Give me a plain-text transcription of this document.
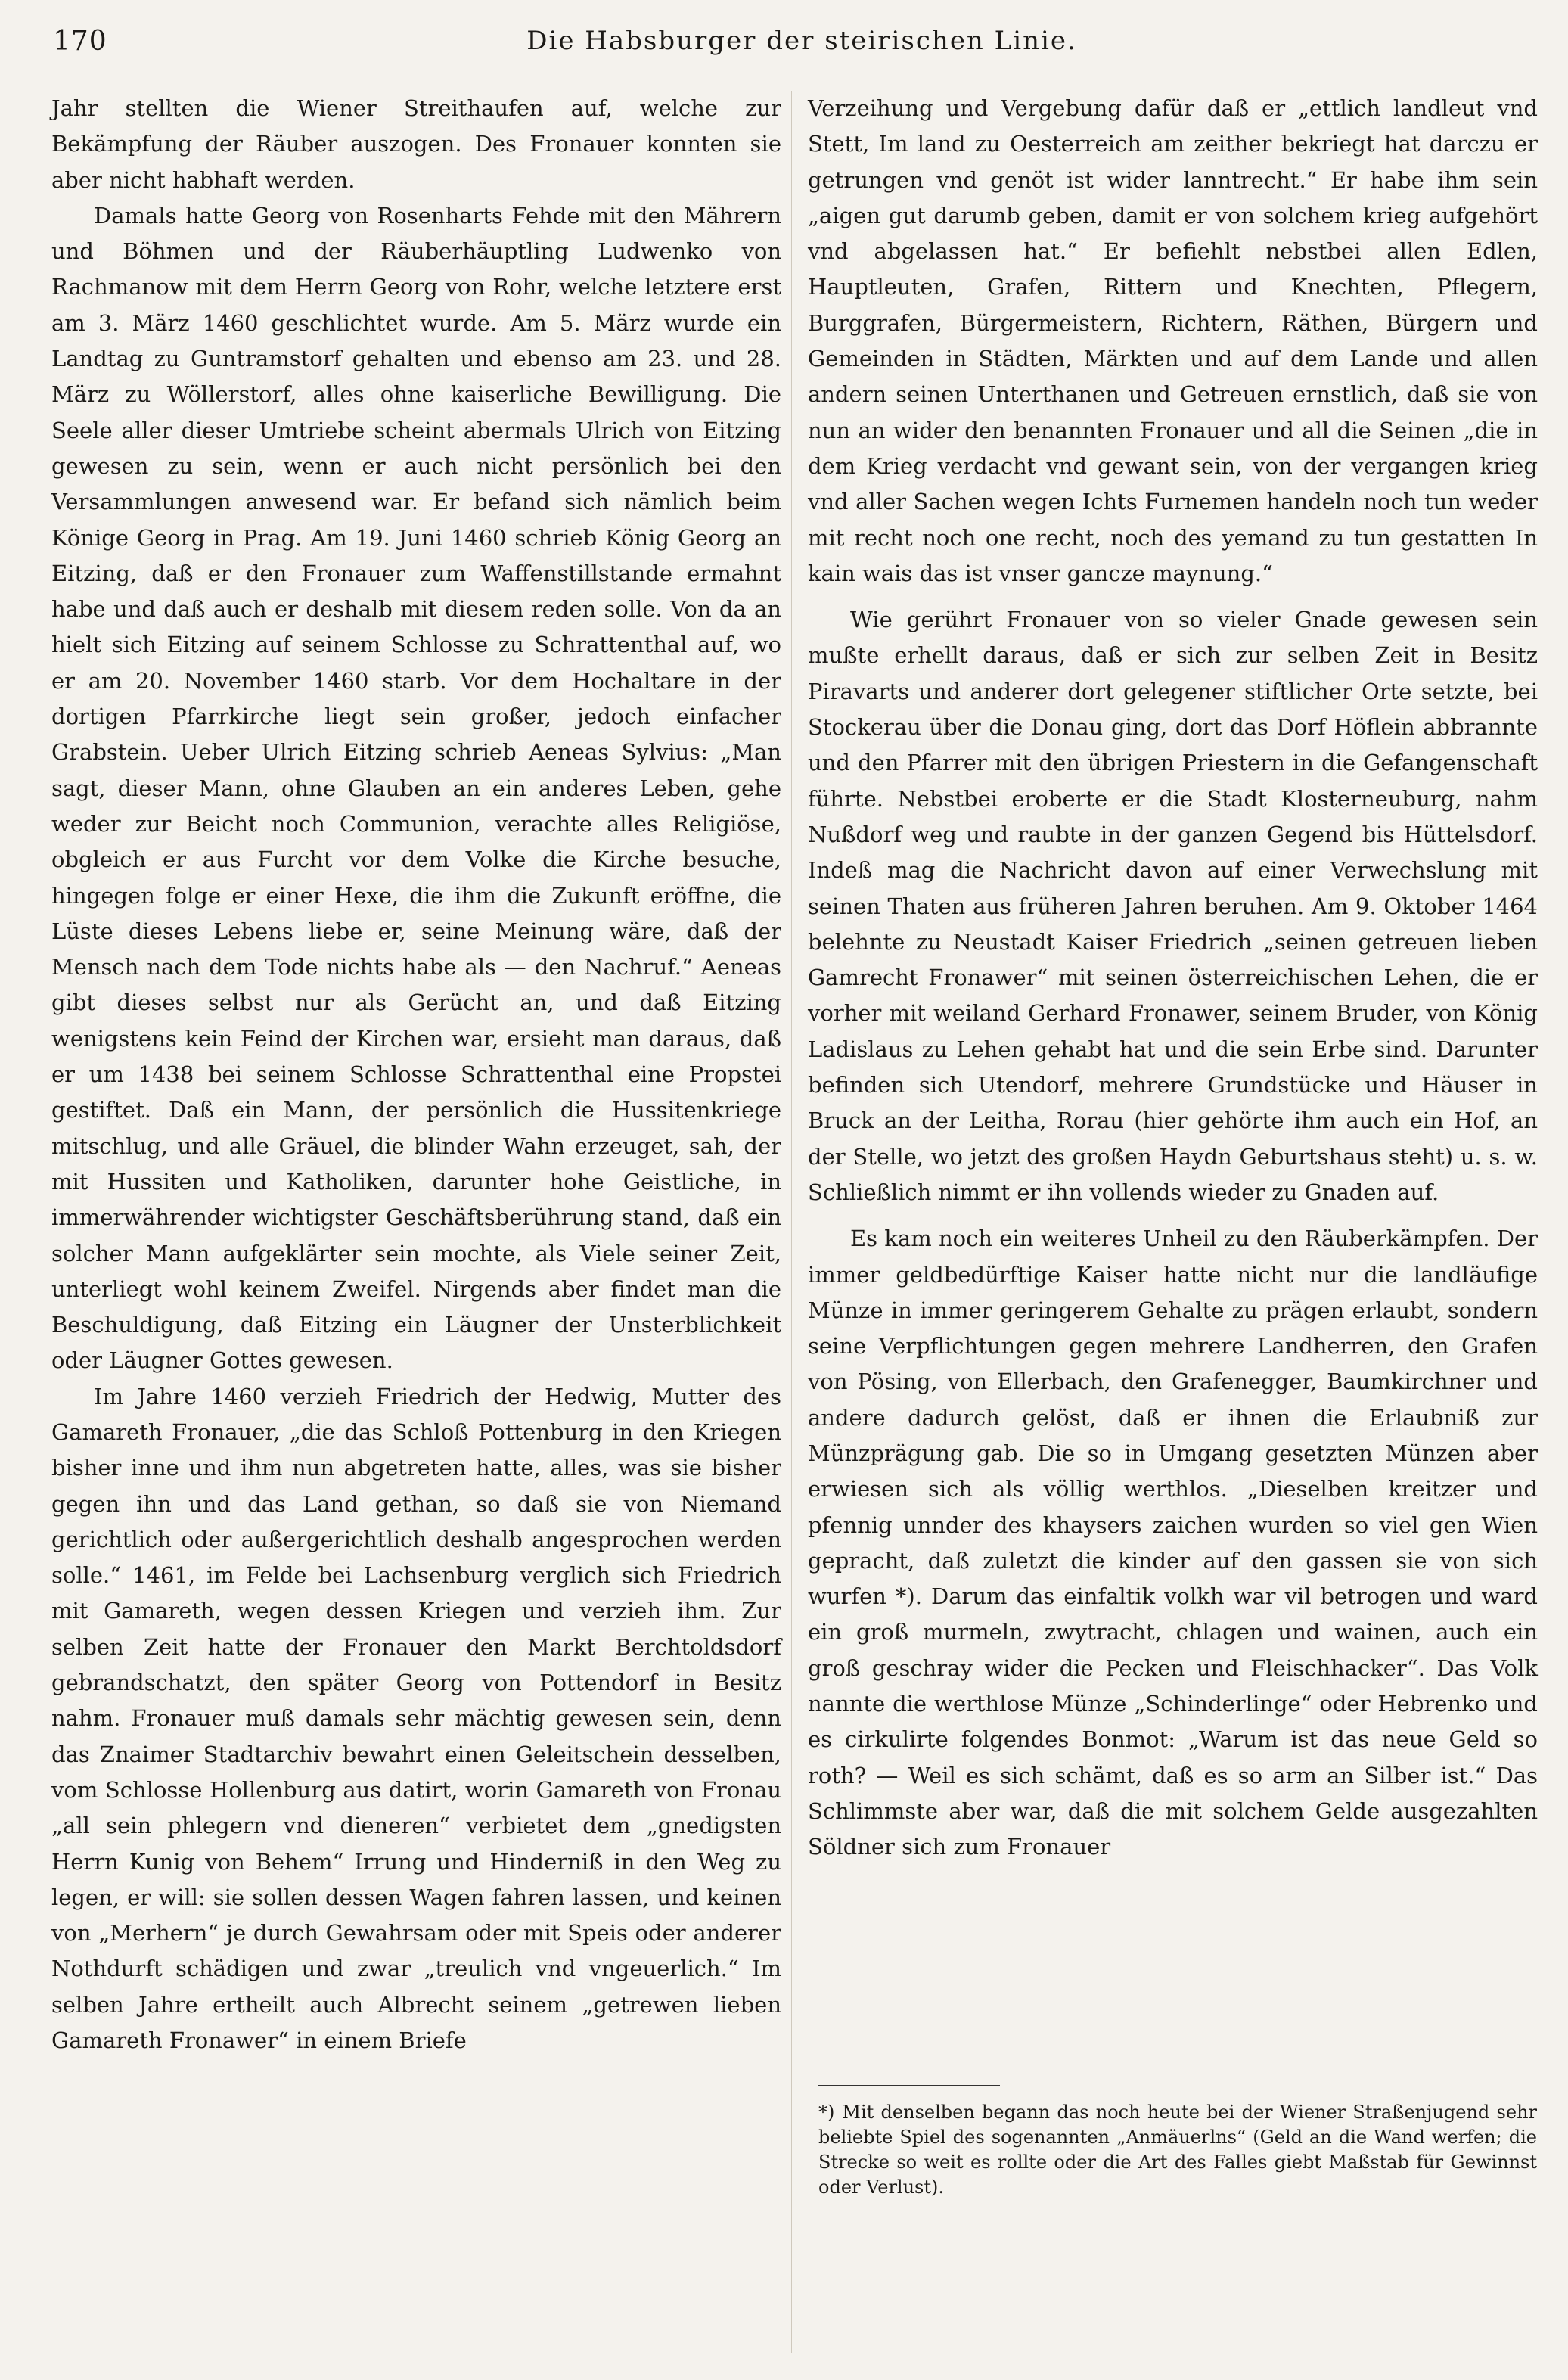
170	Die Habsburger der steirischen Linie.

Jahr stellten die Wiener Streithaufen auf, welche zur Bekämpfung der Räuber auszogen. Des Fronauer konnten sie aber nicht habhaft werden.

Damals hatte Georg von Rosenharts Fehde mit den Mährern und Böhmen und der Räuberhäuptling Ludwenko von Rachmanow mit dem Herrn Georg von Rohr, welche letztere erst am 3. März 1460 geschlichtet wurde. Am 5. März wurde ein Landtag zu Guntramstorf gehalten und ebenso am 23. und 28. März zu Wöllerstorf, alles ohne kaiserliche Bewilligung. Die Seele aller dieser Umtriebe scheint abermals Ulrich von Eitzing gewesen zu sein, wenn er auch nicht persönlich bei den Versammlungen anwesend war. Er befand sich nämlich beim Könige Georg in Prag. Am 19. Juni 1460 schrieb König Georg an Eitzing, daß er den Fronauer zum Waffenstillstande ermahnt habe und daß auch er deshalb mit diesem reden solle. Von da an hielt sich Eitzing auf seinem Schlosse zu Schrattenthal auf, wo er am 20. November 1460 starb. Vor dem Hochaltare in der dortigen Pfarrkirche liegt sein großer, jedoch einfacher Grabstein. Ueber Ulrich Eitzing schrieb Aeneas Sylvius: „Man sagt, dieser Mann, ohne Glauben an ein anderes Leben, gehe weder zur Beicht noch Communion, verachte alles Religiöse, obgleich er aus Furcht vor dem Volke die Kirche besuche, hingegen folge er einer Hexe, die ihm die Zukunft eröffne, die Lüste dieses Lebens liebe er, seine Meinung wäre, daß der Mensch nach dem Tode nichts habe als — den Nachruf.“ Aeneas gibt dieses selbst nur als Gerücht an, und daß Eitzing wenigstens kein Feind der Kirchen war, ersieht man daraus, daß er um 1438 bei seinem Schlosse Schrattenthal eine Propstei gestiftet. Daß ein Mann, der persönlich die Hussitenkriege mitschlug, und alle Gräuel, die blinder Wahn erzeuget, sah, der mit Hussiten und Katholiken, darunter hohe Geistliche, in immerwährender wichtigster Geschäftsberührung stand, daß ein solcher Mann aufgeklärter sein mochte, als Viele seiner Zeit, unterliegt wohl keinem Zweifel. Nirgends aber findet man die Beschuldigung, daß Eitzing ein Läugner der Unsterblichkeit oder Läugner Gottes gewesen.

Im Jahre 1460 verzieh Friedrich der Hedwig, Mutter des Gamareth Fronauer, „die das Schloß Pottenburg in den Kriegen bisher inne und ihm nun abgetreten hatte, alles, was sie bisher gegen ihn und das Land gethan, so daß sie von Niemand gerichtlich oder außergerichtlich deshalb angesprochen werden solle.“ 1461, im Felde bei Lachsenburg verglich sich Friedrich mit Gamareth, wegen dessen Kriegen und verzieh ihm. Zur selben Zeit hatte der Fronauer den Markt Berchtoldsdorf gebrandschatzt, den später Georg von Pottendorf in Besitz nahm. Fronauer muß damals sehr mächtig gewesen sein, denn das Znaimer Stadtarchiv bewahrt einen Geleitschein desselben, vom Schlosse Hollenburg aus datirt, worin Gamareth von Fronau „all sein phlegern vnd dieneren“ verbietet dem „gnedigsten Herrn Kunig von Behem“ Irrung und Hinderniß in den Weg zu legen, er will: sie sollen dessen Wagen fahren lassen, und keinen von „Merhern“ je durch Gewahrsam oder mit Speis oder anderer Nothdurft schädigen und zwar „treulich vnd vngeuerlich.“ Im selben Jahre ertheilt auch Albrecht seinem „getrewen lieben Gamareth Fronawer“ in einem Briefe

Verzeihung und Vergebung dafür daß er „ettlich landleut vnd Stett, Im land zu Oesterreich am zeither bekriegt hat darczu er getrungen vnd genöt ist wider lanntrecht.“ Er habe ihm sein „aigen gut darumb geben, damit er von solchem krieg aufgehört vnd abgelassen hat.“ Er befiehlt nebstbei allen Edlen, Hauptleuten, Grafen, Rittern und Knechten, Pflegern, Burggrafen, Bürgermeistern, Richtern, Räthen, Bürgern und Gemeinden in Städten, Märkten und auf dem Lande und allen andern seinen Unterthanen und Getreuen ernstlich, daß sie von nun an wider den benannten Fronauer und all die Seinen „die in dem Krieg verdacht vnd gewant sein, von der vergangen krieg vnd aller Sachen wegen Ichts Furnemen handeln noch tun weder mit recht noch one recht, noch des yemand zu tun gestatten In kain wais das ist vnser gancze maynung.“

Wie gerührt Fronauer von so vieler Gnade gewesen sein mußte erhellt daraus, daß er sich zur selben Zeit in Besitz Piravarts und anderer dort gelegener stiftlicher Orte setzte, bei Stockerau über die Donau ging, dort das Dorf Höflein abbrannte und den Pfarrer mit den übrigen Priestern in die Gefangenschaft führte. Nebstbei eroberte er die Stadt Klosterneuburg, nahm Nußdorf weg und raubte in der ganzen Gegend bis Hüttelsdorf. Indeß mag die Nachricht davon auf einer Verwechslung mit seinen Thaten aus früheren Jahren beruhen. Am 9. Oktober 1464 belehnte zu Neustadt Kaiser Friedrich „seinen getreuen lieben Gamrecht Fronawer“ mit seinen österreichischen Lehen, die er vorher mit weiland Gerhard Fronawer, seinem Bruder, von König Ladislaus zu Lehen gehabt hat und die sein Erbe sind. Darunter befinden sich Utendorf, mehrere Grundstücke und Häuser in Bruck an der Leitha, Rorau (hier gehörte ihm auch ein Hof, an der Stelle, wo jetzt des großen Haydn Geburtshaus steht) u. s. w. Schließlich nimmt er ihn vollends wieder zu Gnaden auf.

Es kam noch ein weiteres Unheil zu den Räuberkämpfen. Der immer geldbedürftige Kaiser hatte nicht nur die landläufige Münze in immer geringerem Gehalte zu prägen erlaubt, sondern seine Verpflichtungen gegen mehrere Landherren, den Grafen von Pösing, von Ellerbach, den Grafenegger, Baumkirchner und andere dadurch gelöst, daß er ihnen die Erlaubniß zur Münzprägung gab. Die so in Umgang gesetzten Münzen aber erwiesen sich als völlig werthlos. „Dieselben kreitzer und pfennig unnder des khaysers zaichen wurden so viel gen Wien gepracht, daß zuletzt die kinder auf den gassen sie von sich wurfen *). Darum das einfaltik volkh war vil betrogen und ward ein groß murmeln, zwytracht, chlagen und wainen, auch ein groß geschray wider die Pecken und Fleischhacker“. Das Volk nannte die werthlose Münze „Schinderlinge“ oder Hebrenko und es cirkulirte folgendes Bonmot: „Warum ist das neue Geld so roth? — Weil es sich schämt, daß es so arm an Silber ist.“ Das Schlimmste aber war, daß die mit solchem Gelde ausgezahlten Söldner sich zum Fronauer

*) Mit denselben begann das noch heute bei der Wiener Straßenjugend sehr beliebte Spiel des sogenannten „Anmäuerlns“ (Geld an die Wand werfen; die Strecke so weit es rollte oder die Art des Falles giebt Maßstab für Gewinnst oder Verlust).
